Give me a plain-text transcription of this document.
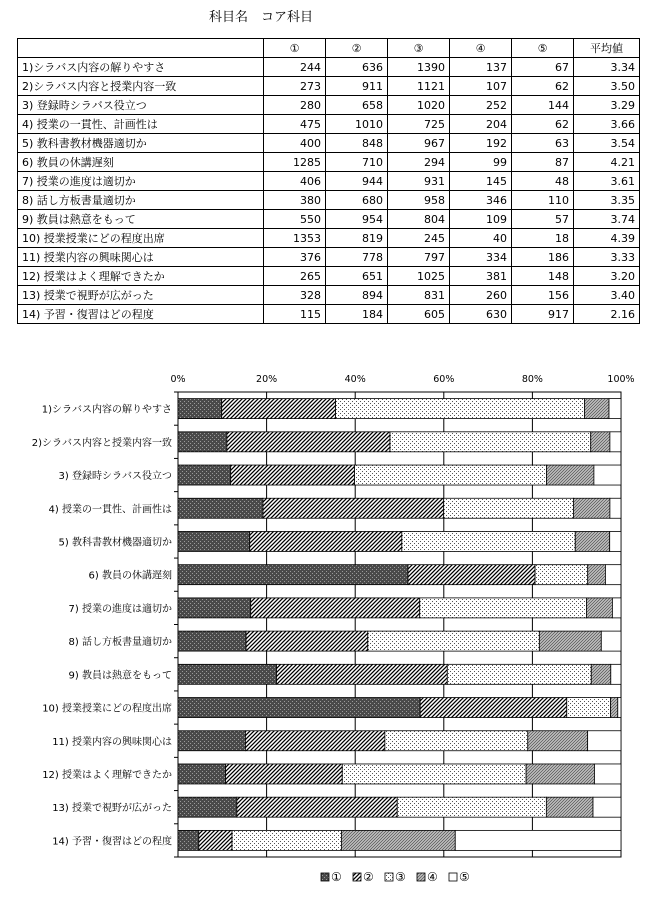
科目名　コア科目
	①	②	③	④	⑤	平均値
1)シラバス内容の解りやすさ	244	636	1390	137	67	3.34
2)シラバス内容と授業内容一致	273	911	1121	107	62	3.50
3) 登録時シラバス役立つ	280	658	1020	252	144	3.29
4) 授業の一貫性、計画性は	475	1010	725	204	62	3.66
5) 教科書教材機器適切か	400	848	967	192	63	3.54
6) 教員の休講遅刻	1285	710	294	99	87	4.21
7) 授業の進度は適切か	406	944	931	145	48	3.61
8) 話し方板書量適切か	380	680	958	346	110	3.35
9) 教員は熱意をもって	550	954	804	109	57	3.74
10) 授業授業にどの程度出席	1353	819	245	40	18	4.39
11) 授業内容の興味関心は	376	778	797	334	186	3.33
12) 授業はよく理解できたか	265	651	1025	381	148	3.20
13) 授業で視野が広がった	328	894	831	260	156	3.40
14) 予習・復習はどの程度	115	184	605	630	917	2.16
0%	20%	40%	60%	80%	100%
1)シラバス内容の解りやすさ
2)シラバス内容と授業内容一致
3) 登録時シラバス役立つ
4) 授業の一貫性、計画性は
5) 教科書教材機器適切か
6) 教員の休講遅刻
7) 授業の進度は適切か
8) 話し方板書量適切か
9) 教員は熱意をもって
10) 授業授業にどの程度出席
11) 授業内容の興味関心は
12) 授業はよく理解できたか
13) 授業で視野が広がった
14) 予習・復習はどの程度
① ② ③ ④ ⑤
